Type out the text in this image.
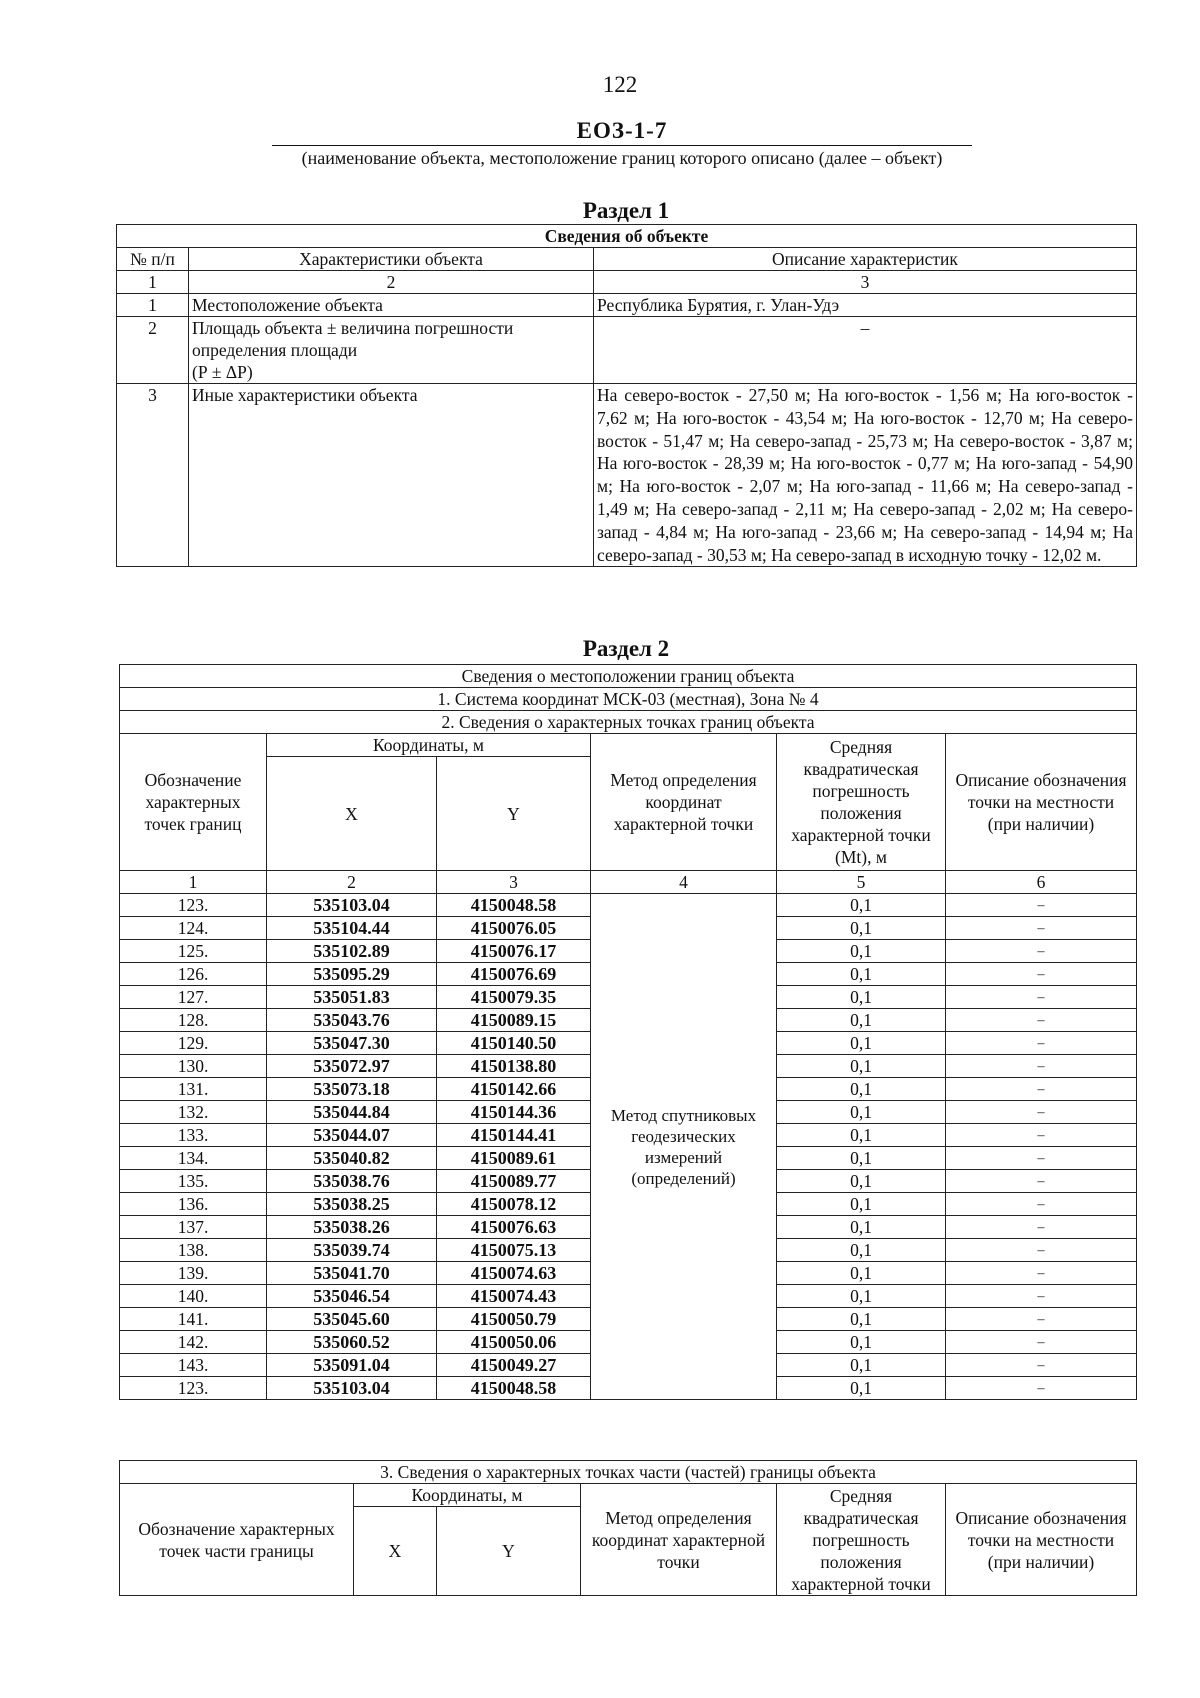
122
ЕОЗ-1-7
(наименование объекта, местоположение границ которого описано (далее – объект)
Раздел 1
Сведения об объекте		
№ п/п	Характеристики объекта	Описание характеристик
1	2	3
1	Местоположение объекта	Республика Бурятия, г. Улан-Удэ
2	Площадь объекта ± величина погрешности
определения площади
(Р ± ΔР)	–
3	Иные характеристики объекта	На северо-восток - 27,50 м; На юго-восток - 1,56 м; На юго-восток - 7,62 м; На юго-восток - 43,54 м; На юго-восток - 12,70 м; На северо-восток - 51,47 м; На северо-запад - 25,73 м; На северо-восток - 3,87 м; На юго-восток - 28,39 м; На юго-восток - 0,77 м; На юго-запад - 54,90 м; На юго-восток - 2,07 м; На юго-запад - 11,66 м; На северо-запад - 1,49 м; На северо-запад - 2,11 м; На северо-запад - 2,02 м; На северо-запад - 4,84 м; На юго-запад - 23,66 м; На северо-запад - 14,94 м; На северо-запад - 30,53 м; На северо-запад в исходную точку - 12,02 м.
Раздел 2
Сведения о местоположении границ объекта					
1. Система координат МСК-03 (местная), Зона № 4					
2. Сведения о характерных точках границ объекта					
Обозначение характерных точек границ	Координаты, м		Метод определения координат характерной точки	Средняя квадратическая погрешность положения характерной точки (Mt), м	Описание обозначения точки на местности (при наличии)
	X	Y			
1	2	3	4	5	6
123.	535103.04	4150048.58	Метод спутниковых геодезических измерений (определений)	0,1	–
124.	535104.44	4150076.05		0,1	–
125.	535102.89	4150076.17		0,1	–
126.	535095.29	4150076.69		0,1	–
127.	535051.83	4150079.35		0,1	–
128.	535043.76	4150089.15		0,1	–
129.	535047.30	4150140.50		0,1	–
130.	535072.97	4150138.80		0,1	–
131.	535073.18	4150142.66		0,1	–
132.	535044.84	4150144.36		0,1	–
133.	535044.07	4150144.41		0,1	–
134.	535040.82	4150089.61		0,1	–
135.	535038.76	4150089.77		0,1	–
136.	535038.25	4150078.12		0,1	–
137.	535038.26	4150076.63		0,1	–
138.	535039.74	4150075.13		0,1	–
139.	535041.70	4150074.63		0,1	–
140.	535046.54	4150074.43		0,1	–
141.	535045.60	4150050.79		0,1	–
142.	535060.52	4150050.06		0,1	–
143.	535091.04	4150049.27		0,1	–
123.	535103.04	4150048.58		0,1	–
3. Сведения о характерных точках части (частей) границы объекта					
Обозначение характерных точек части границы	Координаты, м		Метод определения координат характерной точки	Средняя квадратическая погрешность положения характерной точки	Описание обозначения точки на местности (при наличии)
	X	Y			
